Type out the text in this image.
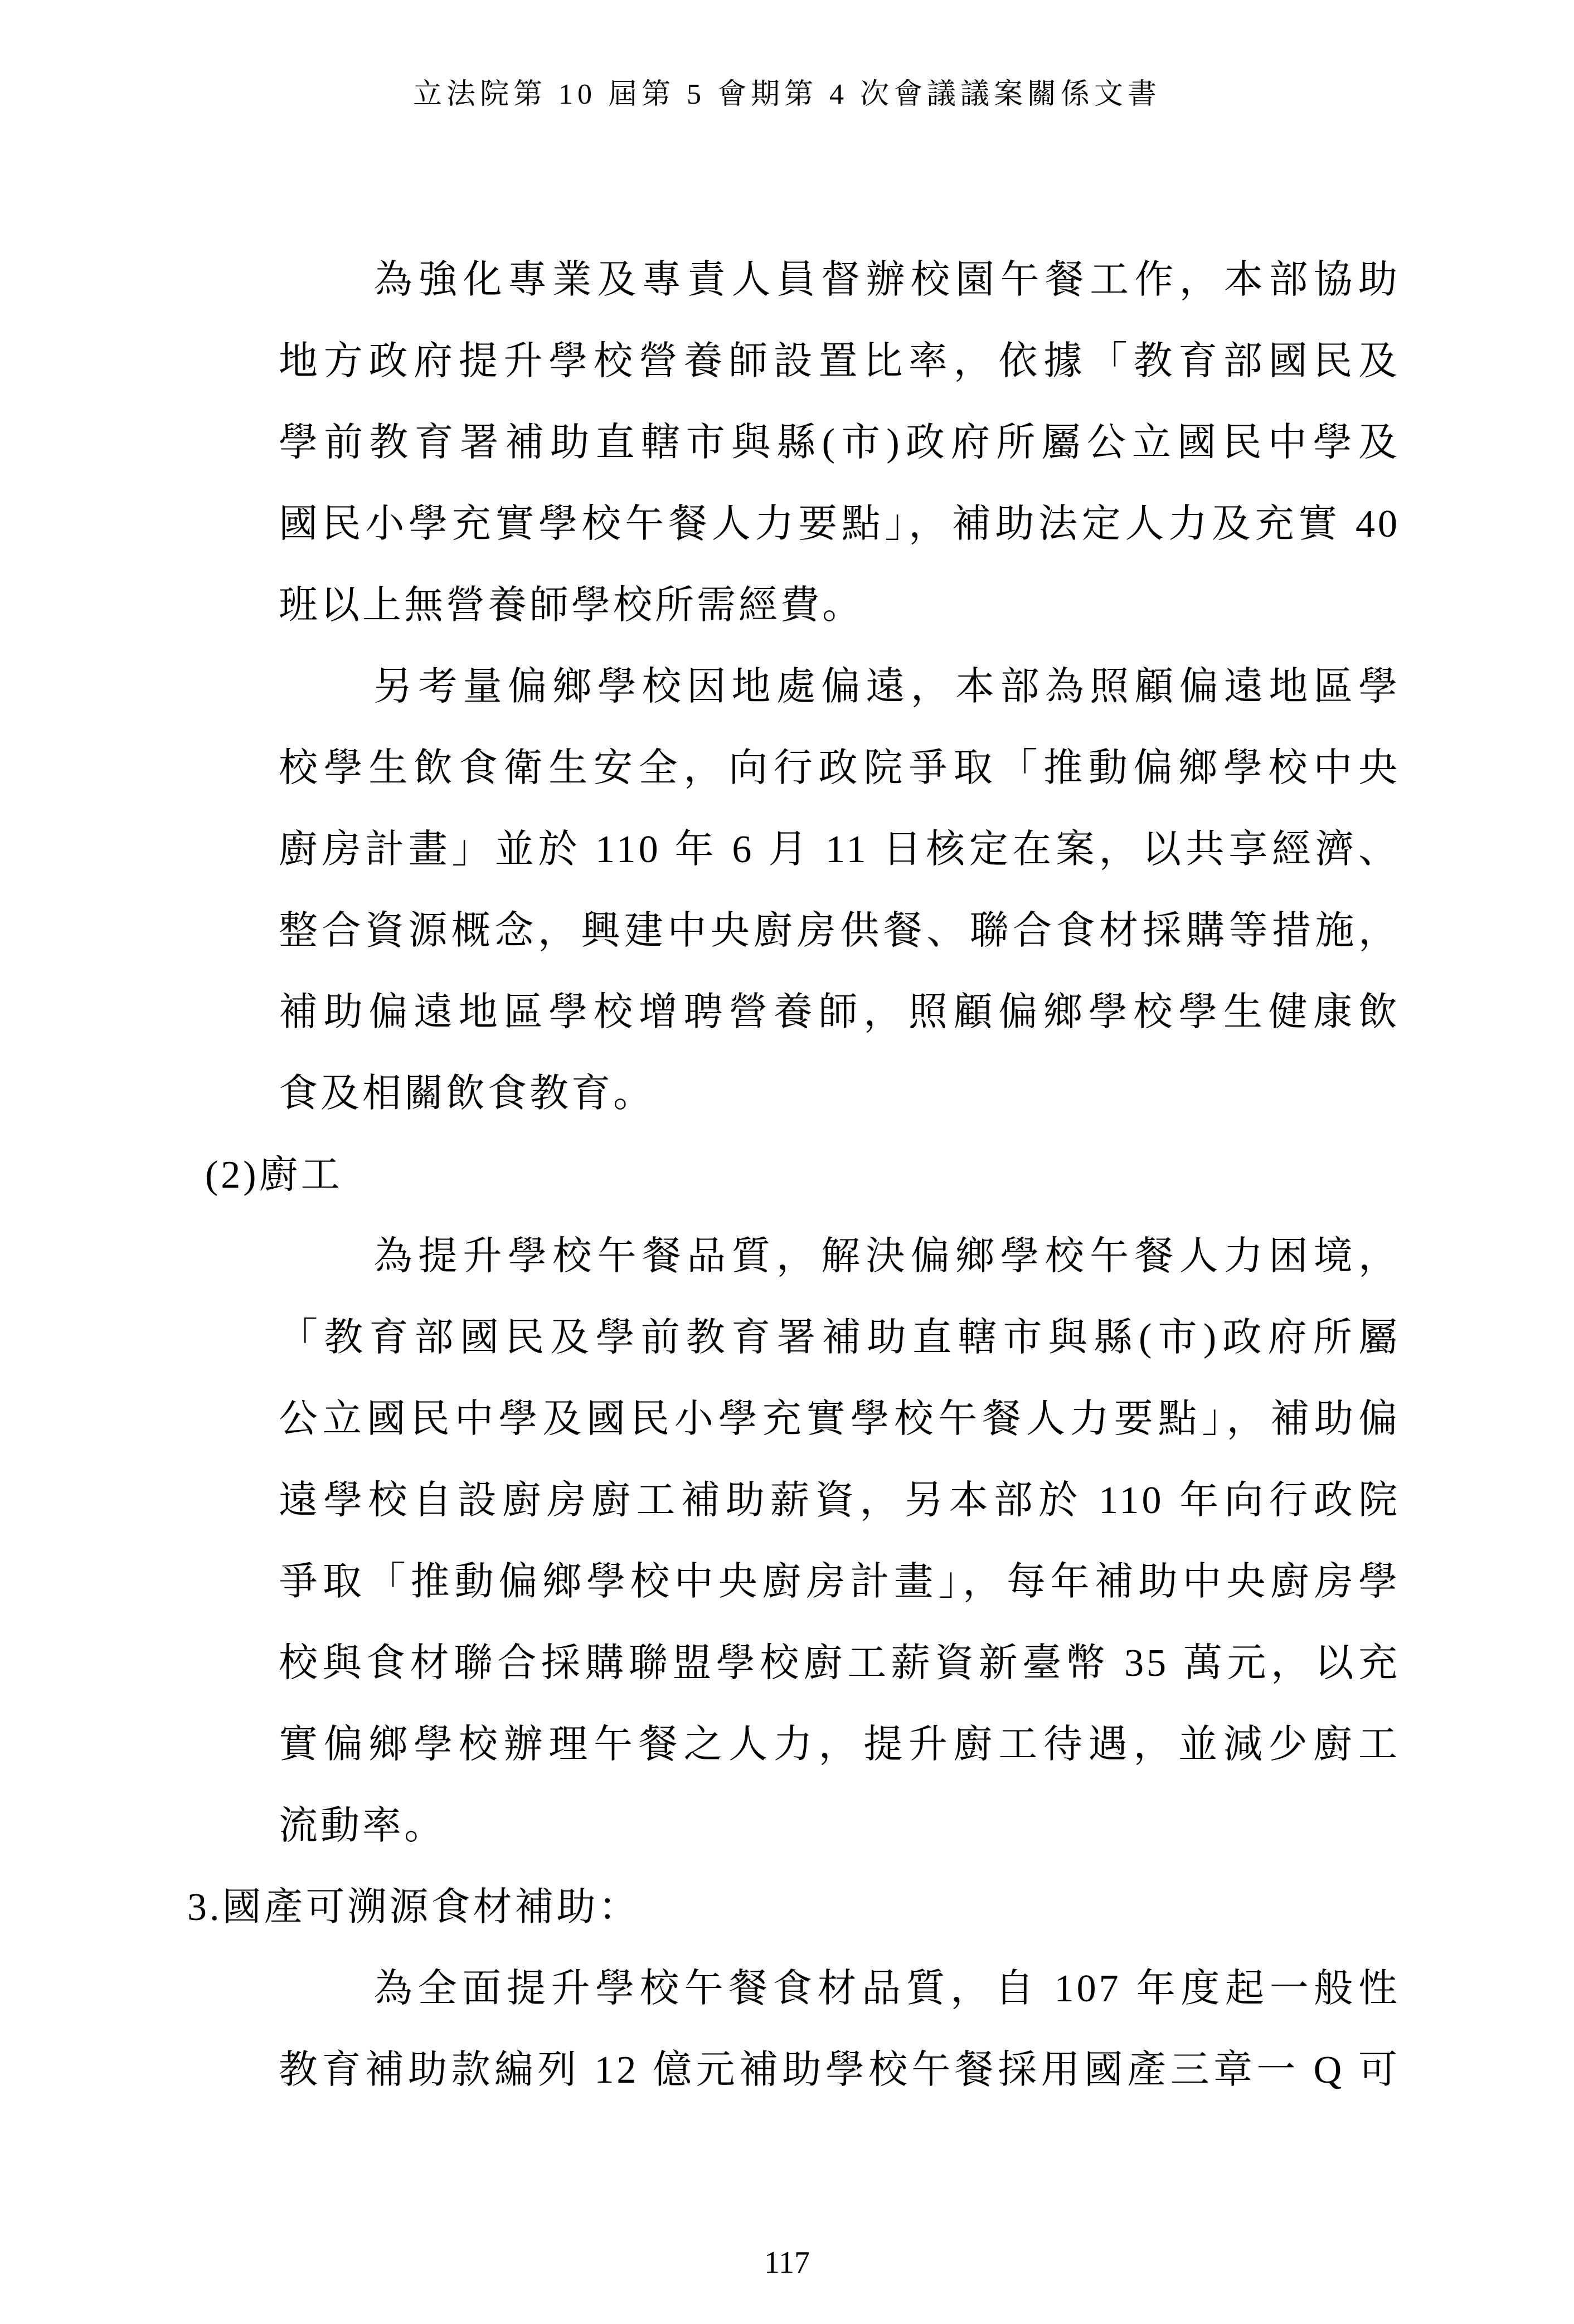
立法院第 10 屆第 5 會期第 4 次會議議案關係文書
為強化專業及專責人員督辦校園午餐工作，本部協助
地方政府提升學校營養師設置比率，依據「教育部國民及
學前教育署補助直轄市與縣(市)政府所屬公立國民中學及
國民小學充實學校午餐人力要點」，補助法定人力及充實 40
班以上無營養師學校所需經費。
另考量偏鄉學校因地處偏遠，本部為照顧偏遠地區學
校學生飲食衛生安全，向行政院爭取「推動偏鄉學校中央
廚房計畫」並於 110 年 6 月 11 日核定在案，以共享經濟、
整合資源概念，興建中央廚房供餐、聯合食材採購等措施，
補助偏遠地區學校增聘營養師，照顧偏鄉學校學生健康飲
食及相關飲食教育。
(2)廚工
為提升學校午餐品質，解決偏鄉學校午餐人力困境，
「教育部國民及學前教育署補助直轄市與縣(市)政府所屬
公立國民中學及國民小學充實學校午餐人力要點」，補助偏
遠學校自設廚房廚工補助薪資，另本部於 110 年向行政院
爭取「推動偏鄉學校中央廚房計畫」，每年補助中央廚房學
校與食材聯合採購聯盟學校廚工薪資新臺幣 35 萬元，以充
實偏鄉學校辦理午餐之人力，提升廚工待遇，並減少廚工
流動率。
3.國產可溯源食材補助：
為全面提升學校午餐食材品質，自 107 年度起一般性
教育補助款編列 12 億元補助學校午餐採用國產三章一 Q 可
117
